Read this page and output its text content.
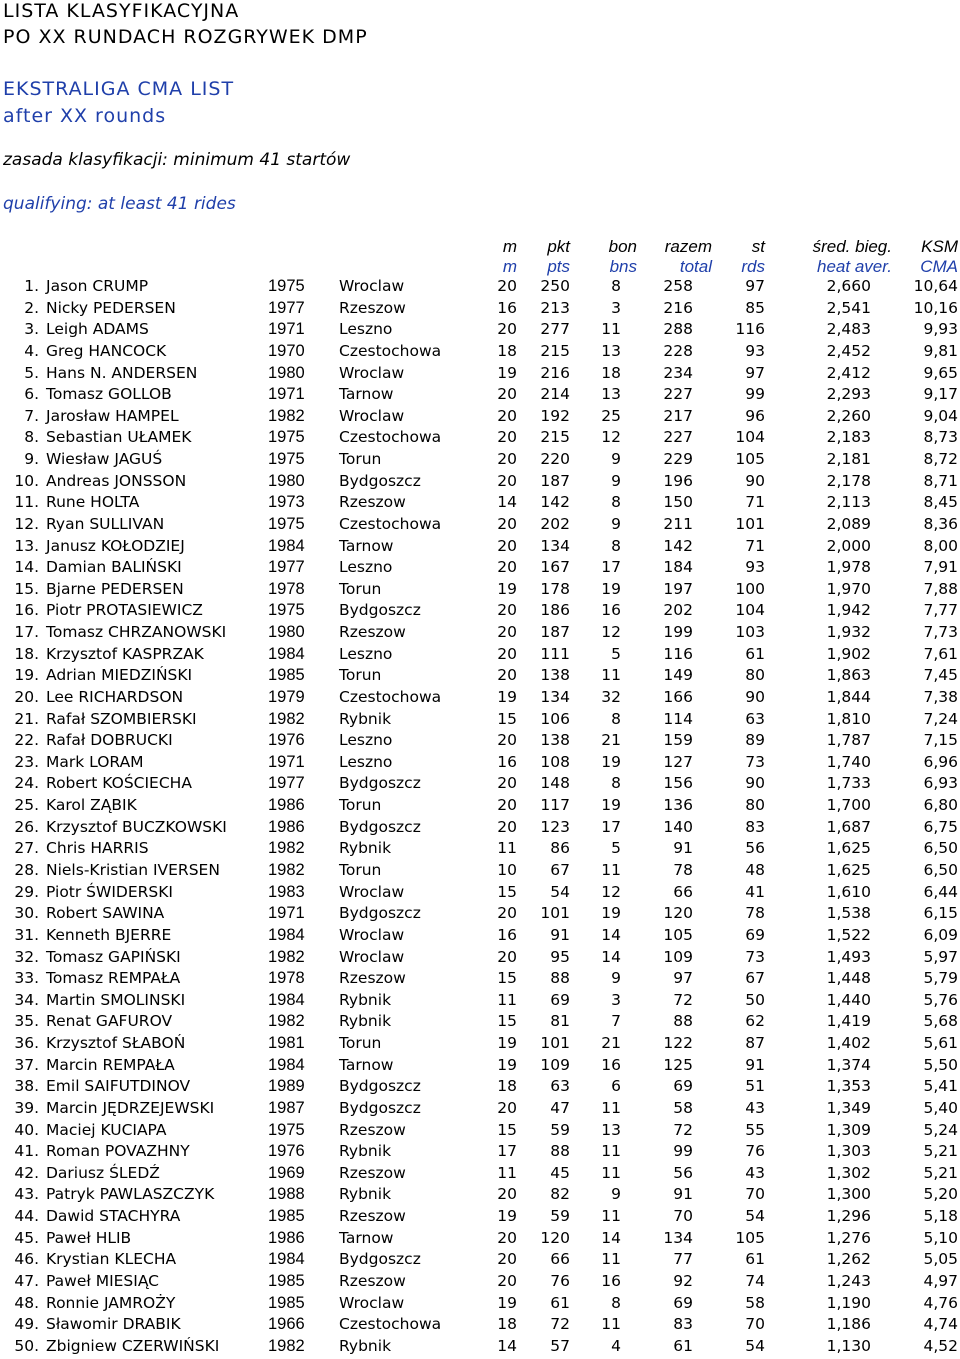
LISTA KLASYFIKACYJNA
PO XX RUNDACH ROZGRYWEK DMP
EKSTRALIGA CMA LIST
after XX rounds
zasada klasyfikacji: minimum 41 startów
qualifying: at least 41 rides
m pkt bon razem st	śred. bieg. KSM
m pts bns	total rds	heat aver. CMA
1. Jason CRUMP	1975 Wroclaw	20 250	8	258	97	2,660	10,64
2. Nicky PEDERSEN	1977 Rzeszow	16 213	3	216	85	2,541	10,16
3. Leigh ADAMS	1971 Leszno	20 277 11	288	116	2,483	9,93
4. Greg HANCOCK	1970 Czestochowa	18 215 13	228	93	2,452	9,81
5. Hans N. ANDERSEN	1980 Wroclaw	19 216 18	234	97	2,412	9,65
6. Tomasz GOLLOB	1971 Tarnow	20 214 13	227	99	2,293	9,17
7. Jarosław HAMPEL	1982 Wroclaw	20 192 25	217	96	2,260	9,04
8. Sebastian UŁAMEK	1975 Czestochowa	20 215 12	227	104	2,183	8,73
9. Wiesław JAGUŚ	1975 Torun	20 220	9	229	105	2,181	8,72
10. Andreas JONSSON	1980 Bydgoszcz	20 187	9	196	90	2,178	8,71
11. Rune HOLTA	1973 Rzeszow	14 142	8	150	71	2,113	8,45
12. Ryan SULLIVAN	1975 Czestochowa	20 202	9	211	101	2,089	8,36
13. Janusz KOŁODZIEJ	1984 Tarnow	20 134	8	142	71	2,000	8,00
14. Damian BALIŃSKI	1977 Leszno	20 167 17	184	93	1,978	7,91
15. Bjarne PEDERSEN	1978 Torun	19 178 19	197	100	1,970	7,88
16. Piotr PROTASIEWICZ	1975 Bydgoszcz	20 186 16	202	104	1,942	7,77
17. Tomasz CHRZANOWSKI	1980 Rzeszow	20 187 12	199	103	1,932	7,73
18. Krzysztof KASPRZAK	1984 Leszno	20 111	5	116	61	1,902	7,61
19. Adrian MIEDZIŃSKI	1985 Torun	20 138 11	149	80	1,863	7,45
20. Lee RICHARDSON	1979 Czestochowa	19 134 32	166	90	1,844	7,38
21. Rafał SZOMBIERSKI	1982 Rybnik	15 106	8	114	63	1,810	7,24
22. Rafał DOBRUCKI	1976 Leszno	20 138 21	159	89	1,787	7,15
23. Mark LORAM	1971 Leszno	16 108 19	127	73	1,740	6,96
24. Robert KOŚCIECHA	1977 Bydgoszcz	20 148	8	156	90	1,733	6,93
25. Karol ZĄBIK	1986 Torun	20 117 19	136	80	1,700	6,80
26. Krzysztof BUCZKOWSKI 1986 Bydgoszcz	20 123 17	140	83	1,687	6,75
27. Chris HARRIS	1982 Rybnik	11 86	5	91	56	1,625	6,50
28. Niels-Kristian IVERSEN	1982 Torun	10 67 11	78	48	1,625	6,50
29. Piotr ŚWIDERSKI	1983 Wroclaw	15 54 12	66	41	1,610	6,44
30. Robert SAWINA	1971 Bydgoszcz	20 101 19	120	78	1,538	6,15
31. Kenneth BJERRE	1984 Wroclaw	16 91 14	105	69	1,522	6,09
32. Tomasz GAPIŃSKI	1982 Wroclaw	20 95 14	109	73	1,493	5,97
33. Tomasz REMPAŁA	1978 Rzeszow	15 88	9	97	67	1,448	5,79
34. Martin SMOLINSKI	1984 Rybnik	11 69	3	72	50	1,440	5,76
35. Renat GAFUROV	1982 Rybnik	15 81	7	88	62	1,419	5,68
36. Krzysztof SŁABOŃ	1981 Torun	19 101 21	122	87	1,402	5,61
37. Marcin REMPAŁA	1984 Tarnow	19 109 16	125	91	1,374	5,50
38. Emil SAIFUTDINOV	1989 Bydgoszcz	18 63	6	69	51	1,353	5,41
39. Marcin JĘDRZEJEWSKI	1987 Bydgoszcz	20 47 11	58	43	1,349	5,40
40. Maciej KUCIAPA	1975 Rzeszow	15 59 13	72	55	1,309	5,24
41. Roman POVAZHNY	1976 Rybnik	17 88 11	99	76	1,303	5,21
42. Dariusz ŚLEDŹ	1969 Rzeszow	11 45 11	56	43	1,302	5,21
43. Patryk PAWLASZCZYK	1988 Rybnik	20 82	9	91	70	1,300	5,20
44. Dawid STACHYRA	1985 Rzeszow	19 59 11	70	54	1,296	5,18
45. Paweł HLIB	1986 Tarnow	20 120 14	134	105	1,276	5,10
46. Krystian KLECHA	1984 Bydgoszcz	20 66 11	77	61	1,262	5,05
47. Paweł MIESIĄC	1985 Rzeszow	20 76 16	92	74	1,243	4,97
48. Ronnie JAMROŻY	1985 Wroclaw	19 61	8	69	58	1,190	4,76
49. Sławomir DRABIK	1966 Czestochowa	18 72 11	83	70	1,186	4,74
50. Zbigniew CZERWIŃSKI	1982 Rybnik	14 57	4	61	54	1,130	4,52
